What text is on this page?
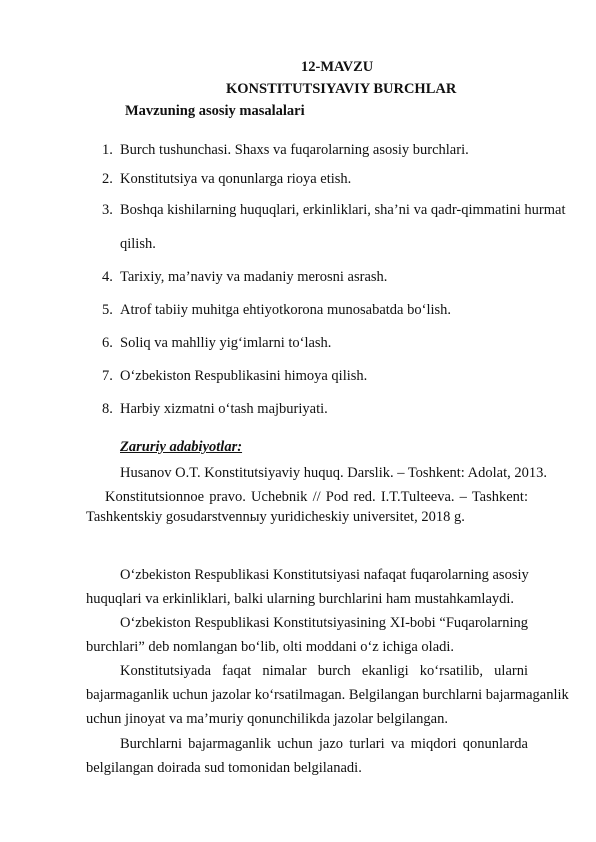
12-MAVZU
KONSTITUTSIYAVIY BURCHLAR
Mavzuning asosiy masalalari
1. Burch tushunchasi. Shaxs va fuqarolarning asosiy burchlari.
2. Konstitutsiya va qonunlarga rioya etish.
3. Boshqa kishilarning huquqlari, erkinliklari, sha’ni va qadr-qimmatini hurmat
qilish.
4. Tarixiy, ma’naviy va madaniy merosni asrash.
5. Atrof tabiiy muhitga ehtiyotkorona munosabatda bo‘lish.
6. Soliq va mahlliy yig‘imlarni to‘lash.
7. O‘zbekiston Respublikasini himoya qilish.
8. Harbiy xizmatni o‘tash majburiyati.
Zaruriy adabiyotlar:
Husanov O.T. Konstitutsiyaviy huquq. Darslik. – Toshkent: Adolat, 2013.
Konstitutsionnoe pravo. Uchebnik // Pod red. I.T.Tulteeva. – Tashkent:
Tashkentskiy gosudarstvennыy yuridicheskiy universitet, 2018 g.
O‘zbekiston Respublikasi Konstitutsiyasi nafaqat fuqarolarning asosiy
huquqlari va erkinliklari, balki ularning burchlarini ham mustahkamlaydi.
O‘zbekiston Respublikasi Konstitutsiyasining XI-bobi “Fuqarolarning
burchlari” deb nomlangan bo‘lib, olti moddani o‘z ichiga oladi.
Konstitutsiyada faqat nimalar burch ekanligi ko‘rsatilib, ularni
bajarmaganlik uchun jazolar ko‘rsatilmagan. Belgilangan burchlarni bajarmaganlik
uchun jinoyat va ma’muriy qonunchilikda jazolar belgilangan.
Burchlarni bajarmaganlik uchun jazo turlari va miqdori qonunlarda
belgilangan doirada sud tomonidan belgilanadi.
